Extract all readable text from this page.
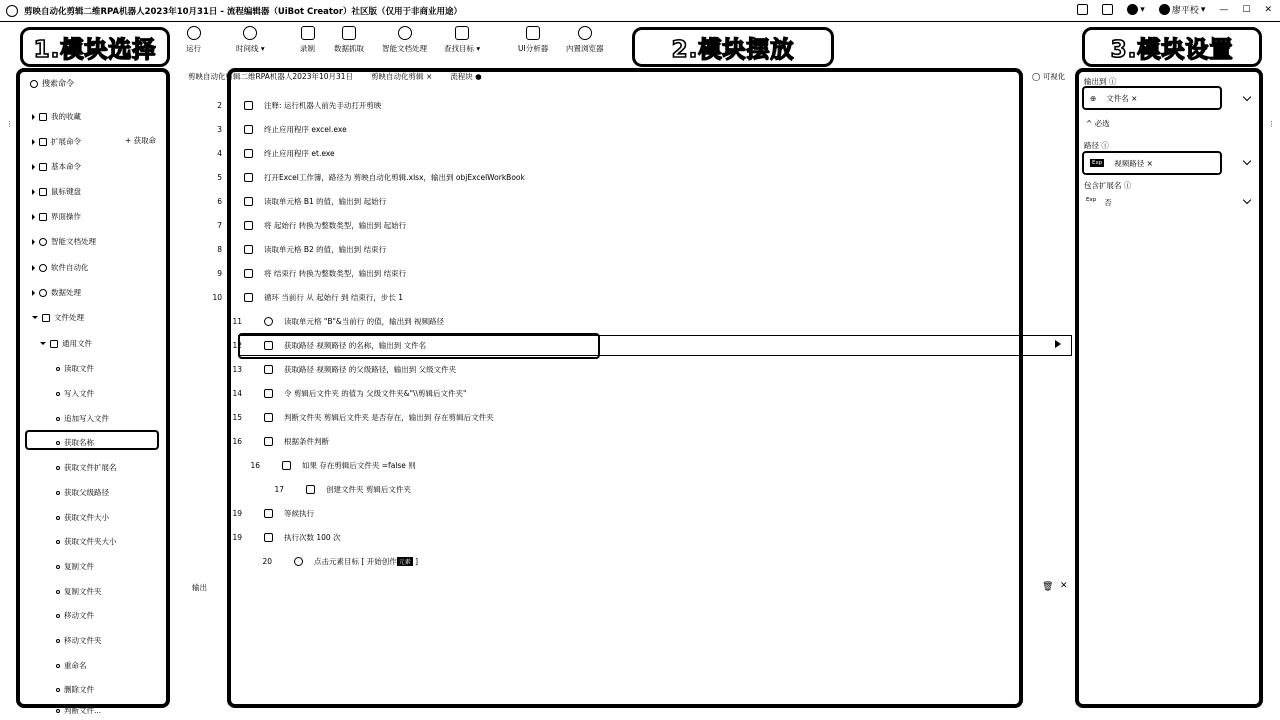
剪映自动化剪辑二维RPA机器人2023年10月31日 - 流程编辑器（UiBot Creator）社区版（仅用于非商业用途）	▾	廖平校 ▾ — ☐ ✕
1.模块选择	2.模块摆放	3.模块设置
运行	时间线 ▾	录制	数据抓取 智能文档处理 查找目标 ▾	UI分析器 内置浏览器
⋮
搜索命令
+ 获取命
我的收藏
扩展命令
基本命令
鼠标键盘
界面操作
智能文档处理
软件自动化
数据处理
文件处理
通用文件
读取文件
写入文件
追加写入文件
获取名称
获取文件扩展名
获取父级路径
获取文件大小
获取文件夹大小
复制文件
复制文件夹
移动文件
移动文件夹
重命名
删除文件
判断文件...
剪映自动化剪辑二维RPA机器人2023年10月31日 剪映自动化剪辑 × 流程块 ●	◯ 可视化
2	注释: 运行机器人前先手动打开剪映
3	终止应用程序 excel.exe
4	终止应用程序 et.exe
5	打开Excel工作簿，路径为 剪映自动化剪辑.xlsx，输出到 objExcelWorkBook
6	读取单元格 B1 的值，输出到 起始行
7	将 起始行 转换为整数类型，输出到 起始行
8	读取单元格 B2 的值，输出到 结束行
9	将 结束行 转换为整数类型，输出到 结束行
10	循环 当前行 从 起始行 到 结束行，步长 1
11	读取单元格 "B"&当前行 的值，输出到 视频路径
12	获取路径 视频路径 的名称，输出到 文件名
13	获取路径 视频路径 的父级路径，输出到 父级文件夹
14	令 剪辑后文件夹 的值为 父级文件夹&"\\剪辑后文件夹"
15	判断文件夹 剪辑后文件夹 是否存在，输出到 存在剪辑后文件夹
16	根据条件判断
16	如果 存在剪辑后文件夹 =false 则
17	创建文件夹 剪辑后文件夹
19	等候执行
19	执行次数 100 次
20	点击元素目标 [ 开始创作 元素 ]
输出	🗑 ✕
⋮
输出到 ⓘ
⊕ 文件名 ×
^ 必选
路径 ⓘ
Exp 视频路径 ×
包含扩展名 ⓘ
Exp 否
